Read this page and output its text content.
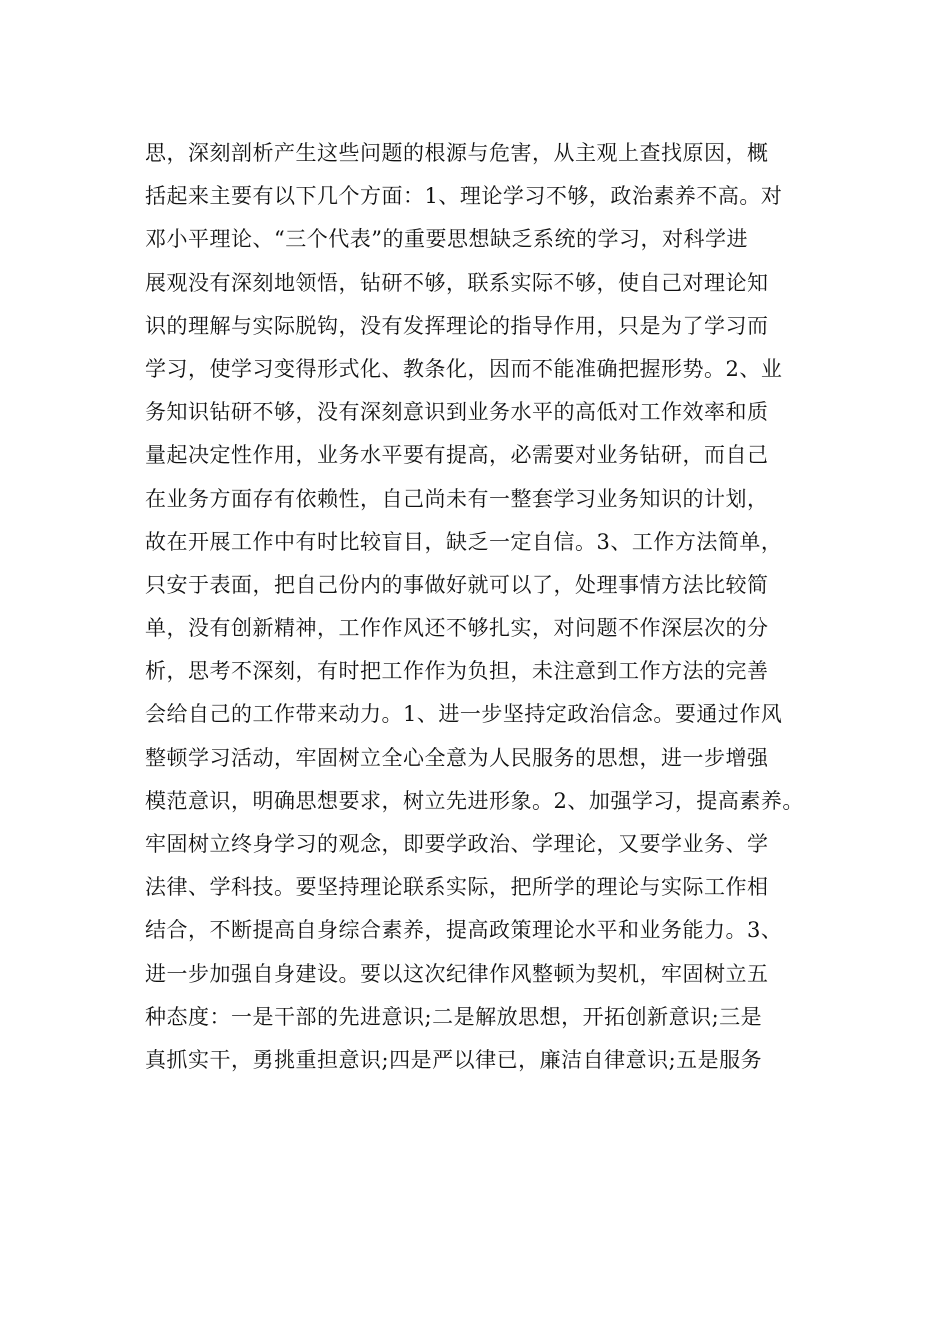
思，深刻剖析产生这些问题的根源与危害，从主观上查找原因，概
括起来主要有以下几个方面：1、理论学习不够，政治素养不高。对
邓小平理论、“三个代表”的重要思想缺乏系统的学习，对科学进
展观没有深刻地领悟，钻研不够，联系实际不够，使自己对理论知
识的理解与实际脱钩，没有发挥理论的指导作用，只是为了学习而
学习，使学习变得形式化、教条化，因而不能准确把握形势。2、业
务知识钻研不够，没有深刻意识到业务水平的高低对工作效率和质
量起决定性作用，业务水平要有提高，必需要对业务钻研，而自己
在业务方面存有依赖性，自己尚未有一整套学习业务知识的计划，
故在开展工作中有时比较盲目，缺乏一定自信。3、工作方法简单，
只安于表面，把自己份内的事做好就可以了，处理事情方法比较简
单，没有创新精神，工作作风还不够扎实，对问题不作深层次的分
析，思考不深刻，有时把工作作为负担，未注意到工作方法的完善
会给自己的工作带来动力。1、进一步坚持定政治信念。要通过作风
整顿学习活动，牢固树立全心全意为人民服务的思想，进一步增强
模范意识，明确思想要求，树立先进形象。2、加强学习，提高素养。
牢固树立终身学习的观念，即要学政治、学理论，又要学业务、学
法律、学科技。要坚持理论联系实际，把所学的理论与实际工作相
结合，不断提高自身综合素养，提高政策理论水平和业务能力。3、
进一步加强自身建设。要以这次纪律作风整顿为契机，牢固树立五
种态度：一是干部的先进意识;二是解放思想，开拓创新意识;三是
真抓实干，勇挑重担意识;四是严以律已，廉洁自律意识;五是服务
